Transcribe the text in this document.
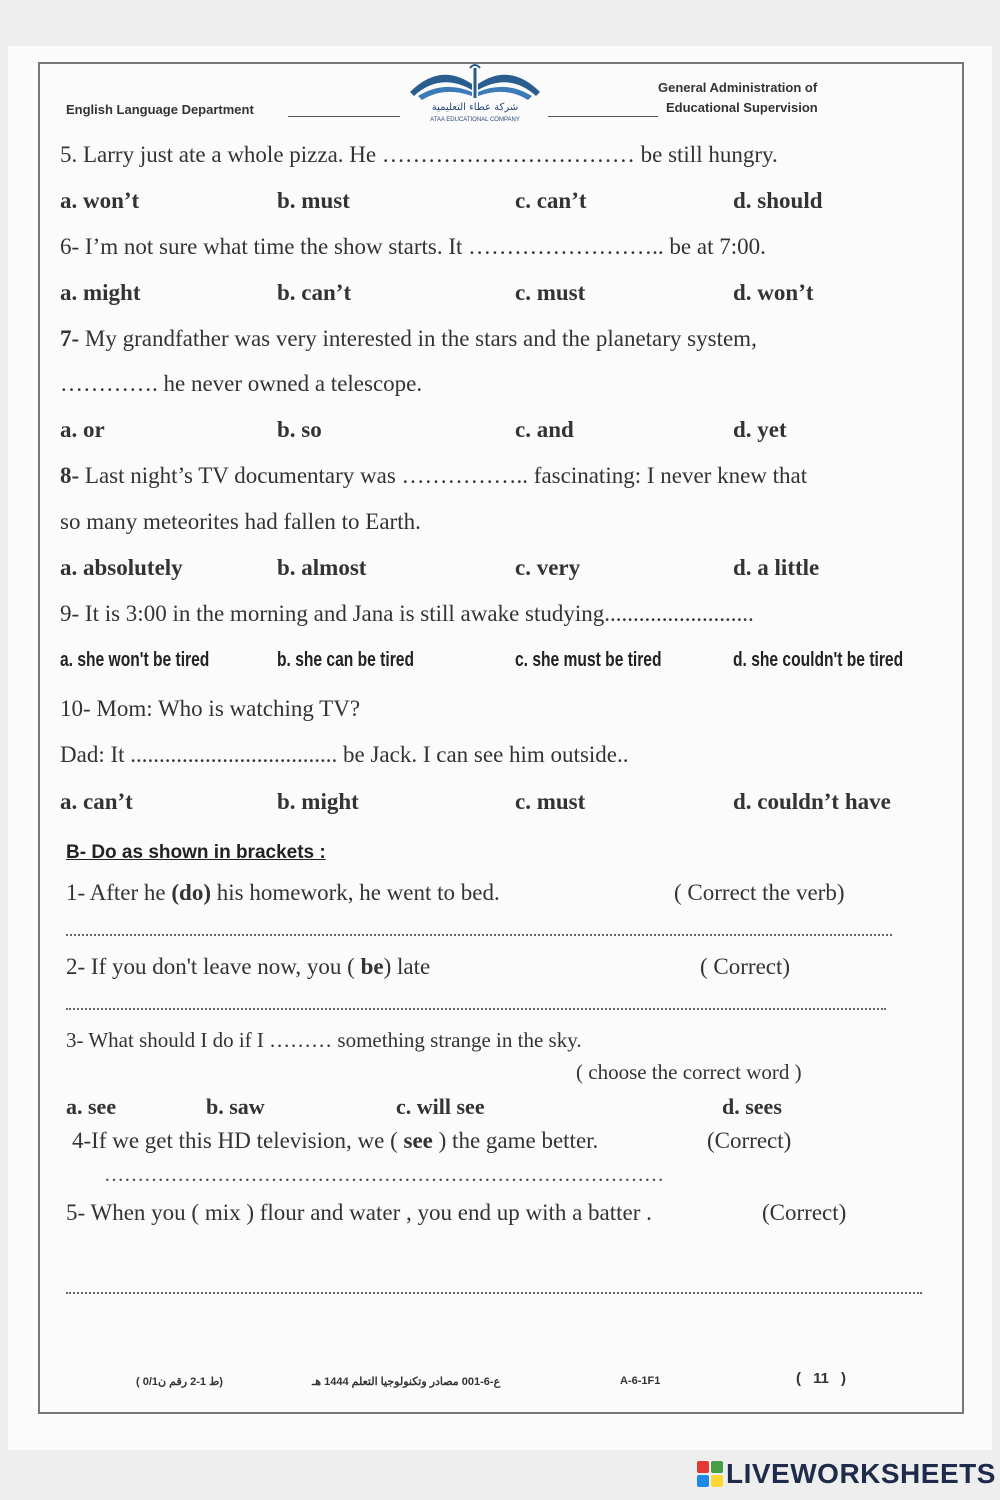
English Language Department	شركة عطاء التعليمية
ATAA EDUCATIONAL COMPANY
General Administration of
Educational Supervision
5. Larry just ate a whole pizza. He …………………………… be still hungry.
a. won’t	b. must	c. can’t	d. should
6- I’m not sure what time the show starts. It …………………….. be at 7:00.
a. might	b. can’t	c. must	d. won’t
7- My grandfather was very interested in the stars and the planetary system,
…………. he never owned a telescope.
a. or	b. so	c. and	d. yet
8- Last night’s TV documentary was …………….. fascinating: I never knew that
so many meteorites had fallen to Earth.
a. absolutely	b. almost	c. very	d. a little
9- It is 3:00 in the morning and Jana is still awake studying..........................
a. she won't be tired	b. she can be tired	c. she must be tired	d. she couldn't be tired
10- Mom: Who is watching TV?
Dad: It .................................... be Jack. I can see him outside..
a. can’t	b. might	c. must	d. couldn’t have
B- Do as shown in brackets :
1- After he (do) his homework, he went to bed.	( Correct the verb)
2- If you don't leave now, you ( be) late	( Correct)
3- What should I do if I ……… something strange in the sky.
( choose the correct word )
a. see	b. saw	c. will see	d. sees
4-If we get this HD television, we ( see ) the game better.	(Correct)
…………………………………………………………………………
5- When you ( mix ) flour and water , you end up with a batter .	(Correct)
( 0/1ط 1-2 رقم ن)	ع-6-001 مصادر وتكنولوجيا التعلم 1444 هـ	A-6-1F1	( 11 )
LIVEWORKSHEETS
